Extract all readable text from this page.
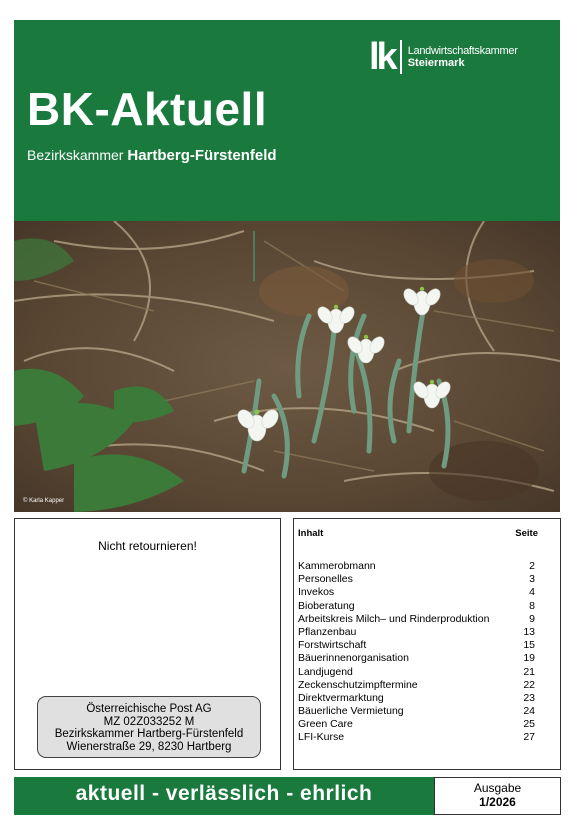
lk Landwirtschaftskammer
Steiermark
BK-Aktuell
Bezirkskammer Hartberg-Fürstenfeld
© Karla Kapper
Nicht retournieren!
Österreichische Post AG
MZ 02Z033252 M
Bezirkskammer Hartberg-Fürstenfeld
Wienerstraße 29, 8230 Hartberg
Inhalt	Seite
Kammerobmann	2
Personelles	3
Invekos	4
Bioberatung	8
Arbeitskreis Milch– und Rinderproduktion	9
Pflanzenbau	13
Forstwirtschaft	15
Bäuerinnenorganisation	19
Landjugend	21
Zeckenschutzimpftermine	22
Direktvermarktung	23
Bäuerliche Vermietung	24
Green Care	25
LFI-Kurse	27
aktuell - verlässlich - ehrlich	Ausgabe
1/2026
